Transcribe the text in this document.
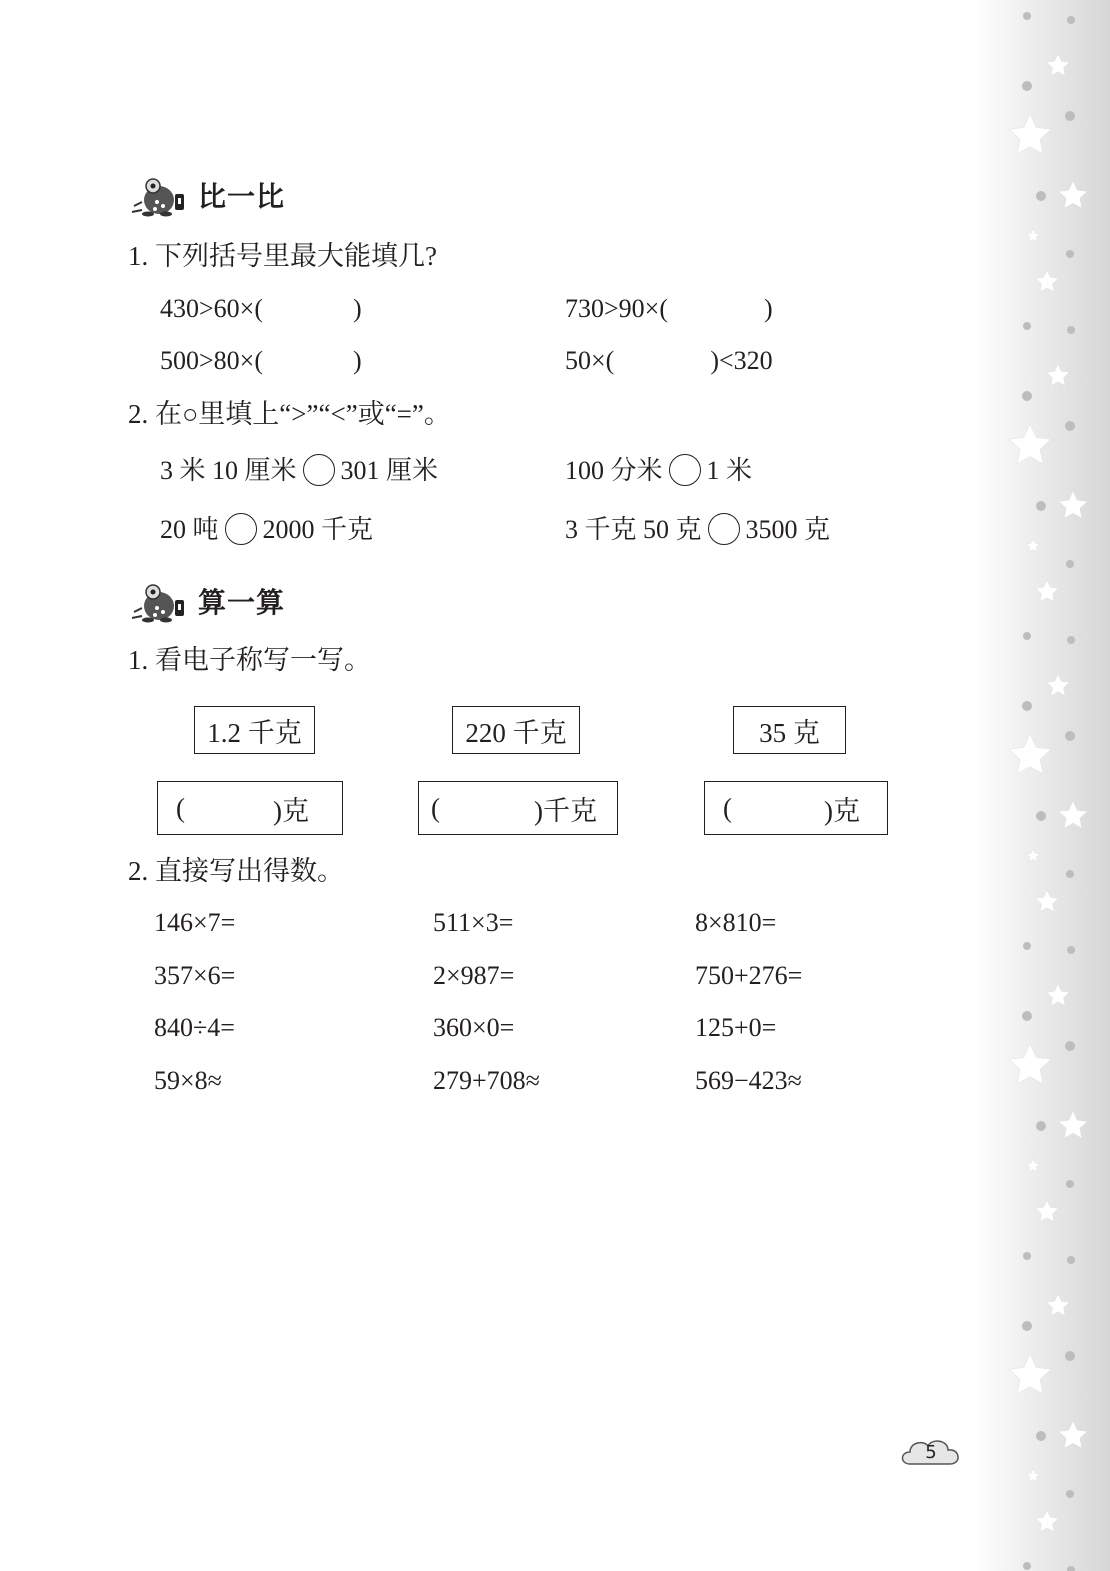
比一比
1. 下列括号里最大能填几?
430>60×(	)	730>90×(	)
500>80×(	)	50×(	)<320
2. 在○里填上“>”“<”或“=”。
3 米 10 厘米 301 厘米	100 分米 1 米
20 吨 2000 千克	3 千克 50 克 3500 克
算一算
1. 看电子称写一写。
1.2 千克	220 千克	35 克
(	)克	(	)千克	(	)克
2. 直接写出得数。
146×7=	511×3=	8×810=
357×6=	2×987=	750+276=
840÷4=	360×0=	125+0=
59×8≈	279+708≈	569−423≈
5
